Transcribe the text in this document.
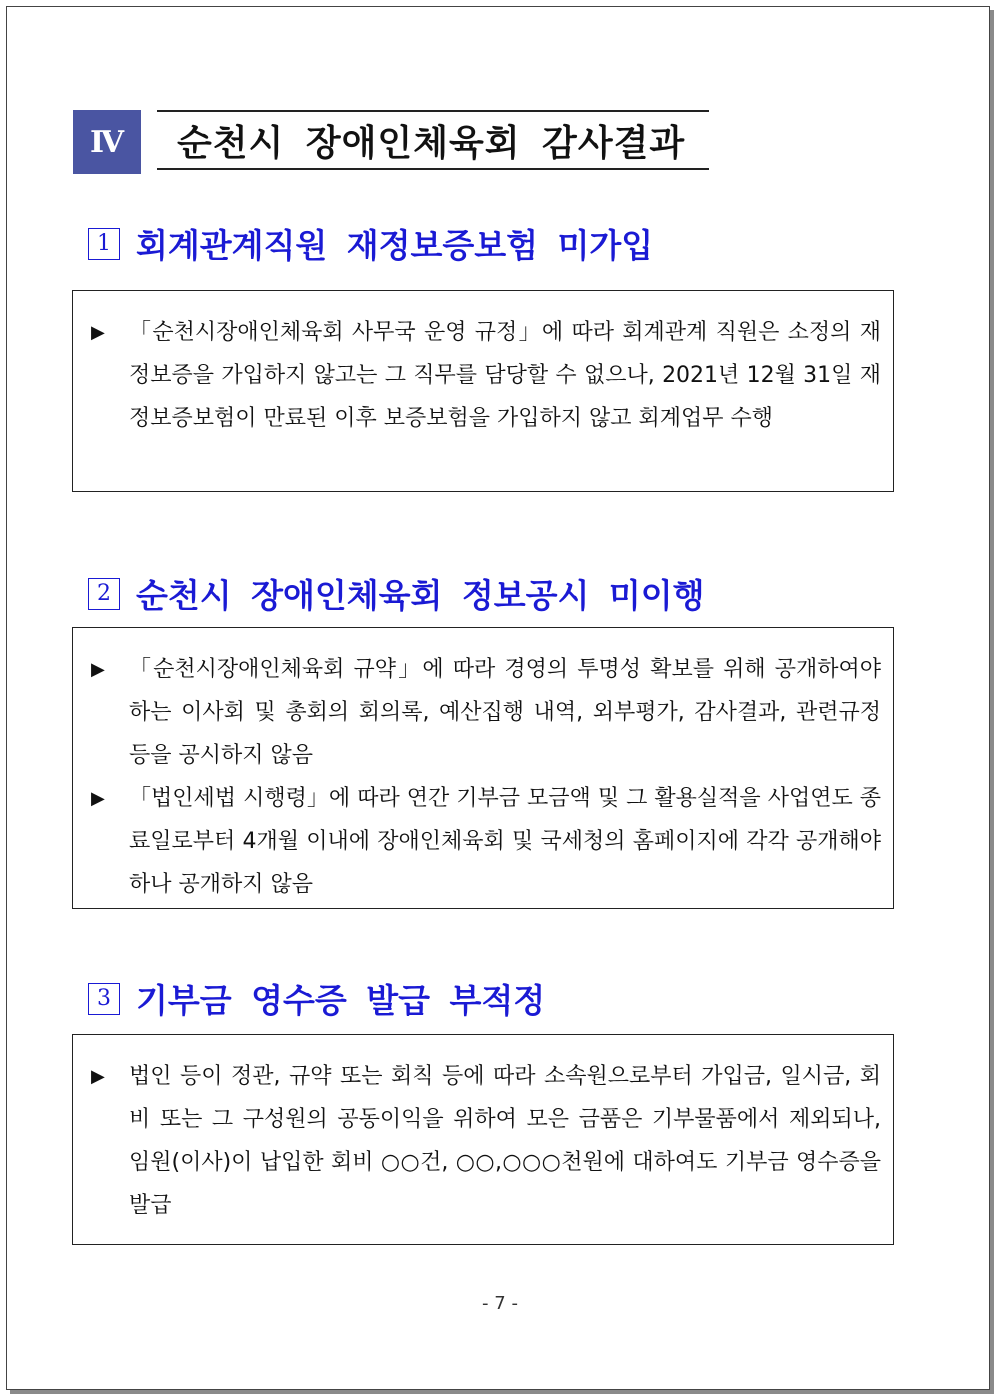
Ⅳ	순천시 장애인체육회 감사결과
1 회계관계직원 재정보증보험 미가입
▶ 「순천시장애인체육회 사무국 운영 규정」에 따라 회계관계 직원은 소정의 재정보증을 가입하지 않고는 그 직무를 담당할 수 없으나, 2021년 12월 31일 재정보증보험이 만료된 이후 보증보험을 가입하지 않고 회계업무 수행
2 순천시 장애인체육회 정보공시 미이행
▶ 「순천시장애인체육회 규약」에 따라 경영의 투명성 확보를 위해 공개하여야 하는 이사회 및 총회의 회의록, 예산집행 내역, 외부평가, 감사결과, 관련규정 등을 공시하지 않음
▶ 「법인세법 시행령」에 따라 연간 기부금 모금액 및 그 활용실적을 사업연도 종료일로부터 4개월 이내에 장애인체육회 및 국세청의 홈페이지에 각각 공개해야 하나 공개하지 않음
3 기부금 영수증 발급 부적정
▶ 법인 등이 정관, 규약 또는 회칙 등에 따라 소속원으로부터 가입금, 일시금, 회비 또는 그 구성원의 공동이익을 위하여 모은 금품은 기부물품에서 제외되나, 임원(이사)이 납입한 회비 ○○건, ○○,○○○천원에 대하여도 기부금 영수증을 발급
- 7 -
